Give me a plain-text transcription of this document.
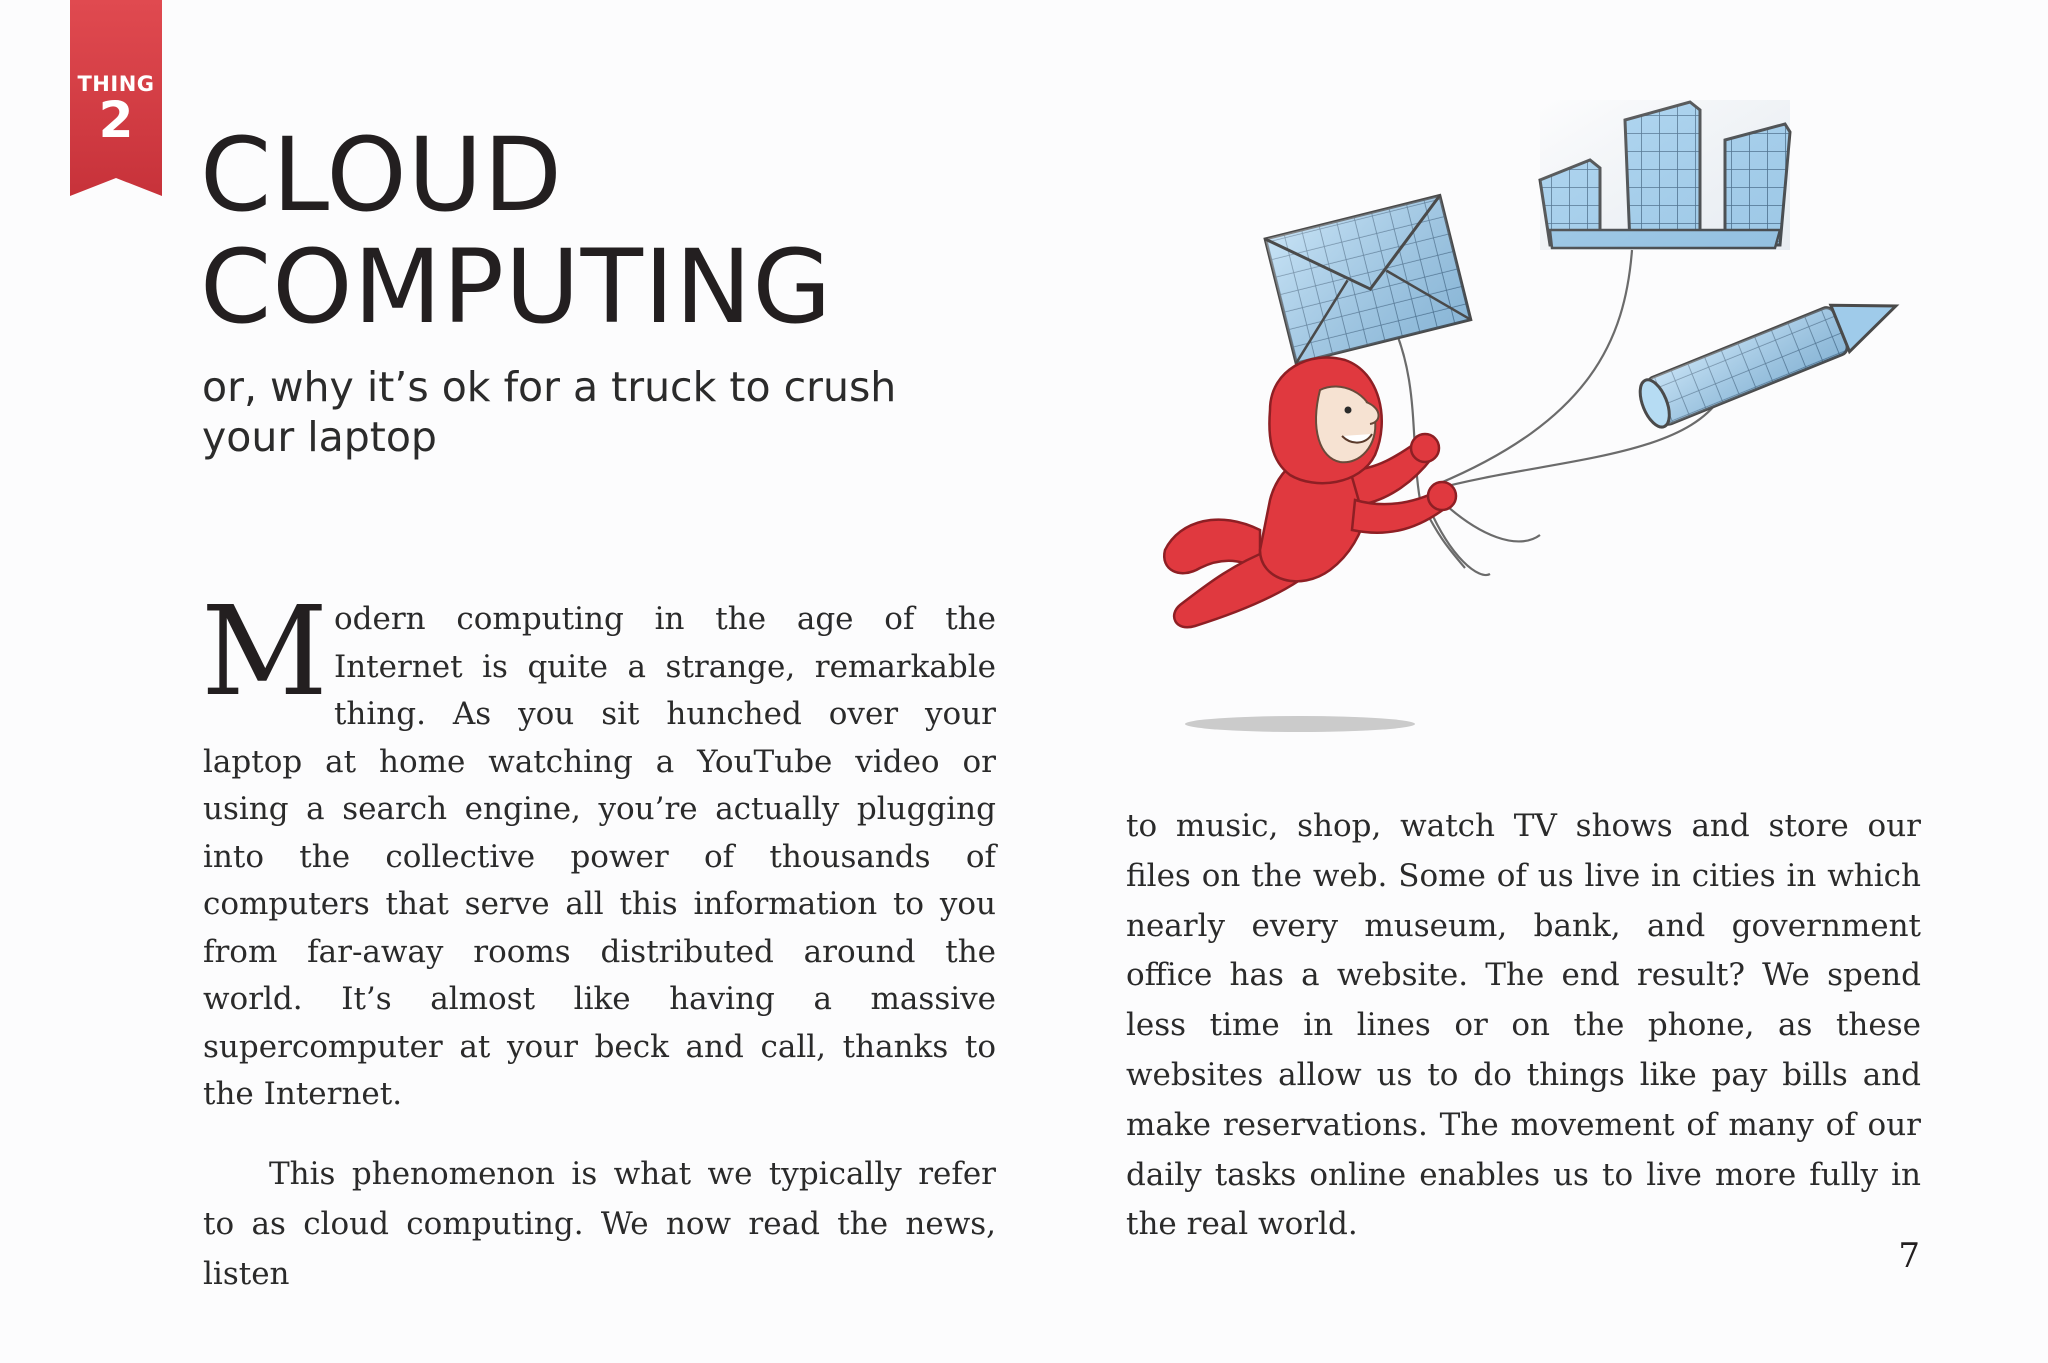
THING
2 CLOUD
COMPUTING
or, why it’s ok for a truck to crush
your laptop

Modern computing in the age of the Internet is quite a strange, remarkable thing. As you sit hunched over your laptop at home watching a YouTube video or using a search engine, you’re actually plugging into the collective power of thousands of computers that serve all this information to you from far-away rooms distributed around the world. It’s almost like having a massive supercomputer at your beck and call, thanks to the Internet.

This phenomenon is what we typically refer to as cloud computing. We now read the news, listen

to music, shop, watch TV shows and store our files on the web. Some of us live in cities in which nearly every museum, bank, and government office has a website. The end result? We spend less time in lines or on the phone, as these websites allow us to do things like pay bills and make reservations. The movement of many of our daily tasks online enables us to live more fully in the real world.

7
